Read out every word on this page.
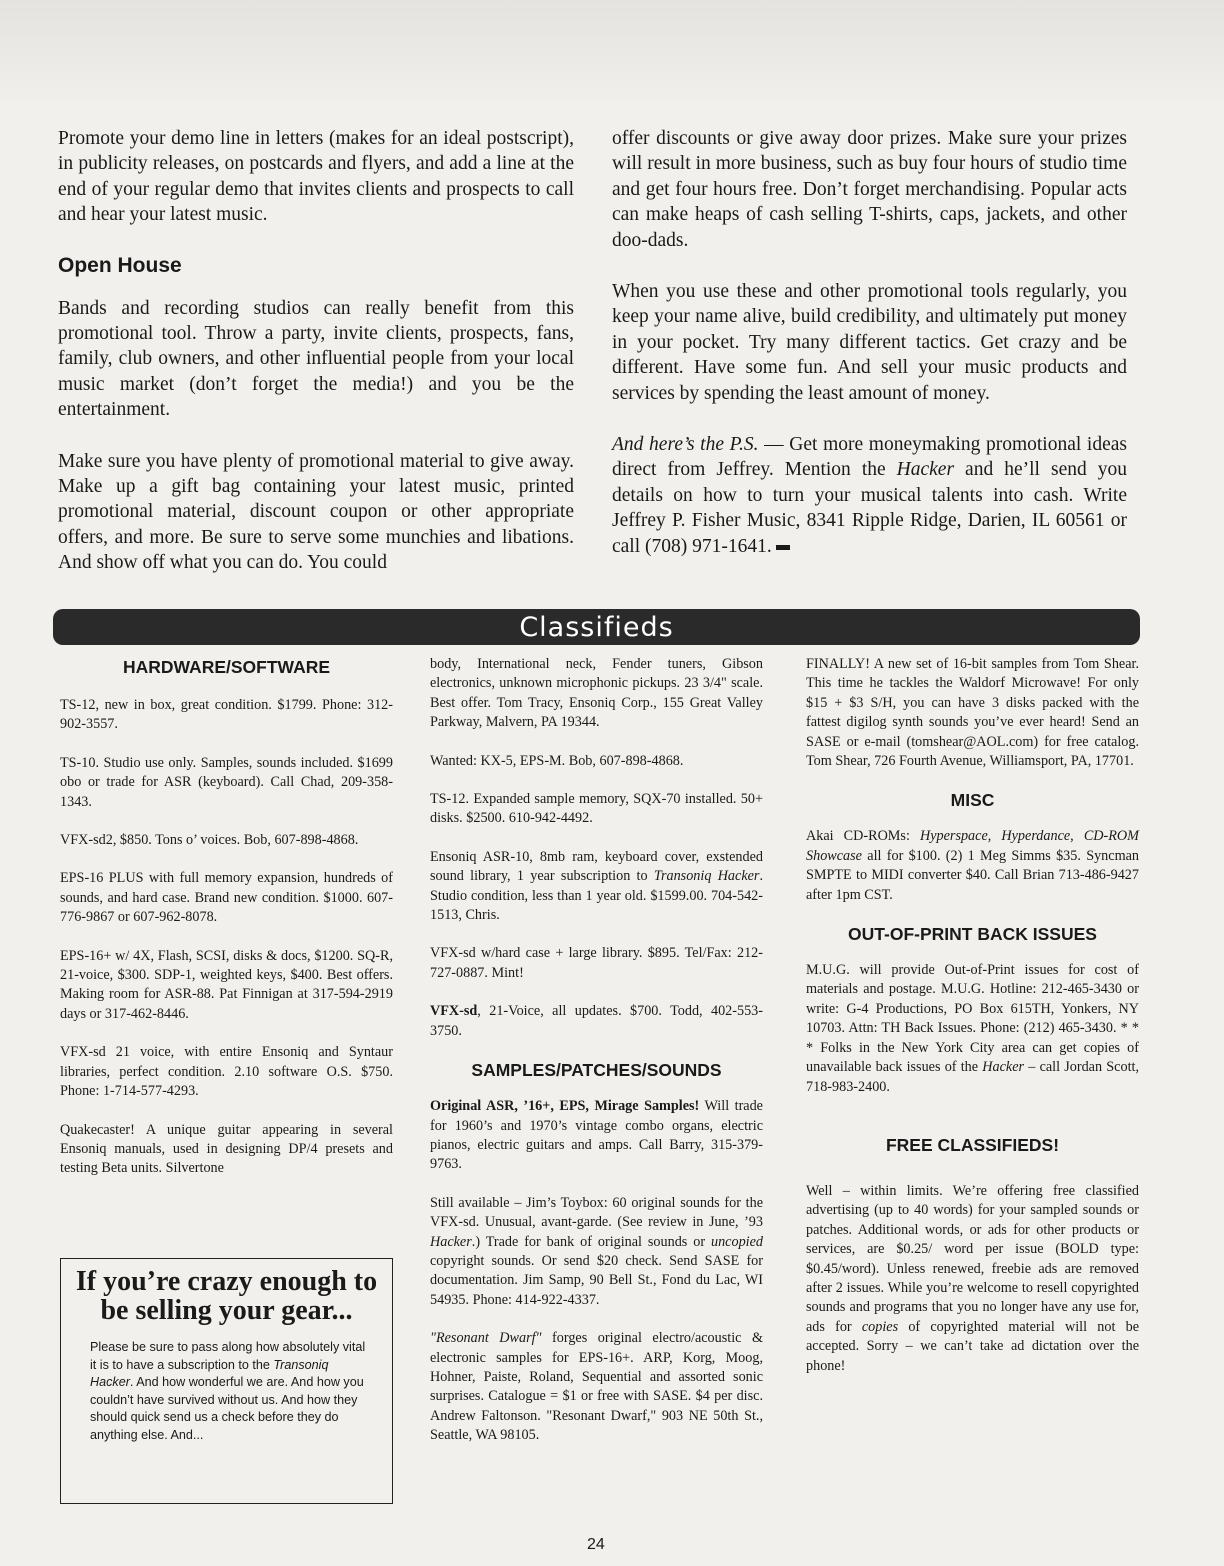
Promote your demo line in letters (makes for an ideal postscript), in publicity releases, on postcards and flyers, and add a line at the end of your regular demo that invites clients and prospects to call and hear your latest music.

Open House

Bands and recording studios can really benefit from this promotional tool. Throw a party, invite clients, prospects, fans, family, club owners, and other influential people from your local music market (don’t forget the media!) and you be the entertainment.

Make sure you have plenty of promotional material to give away. Make up a gift bag containing your latest music, printed promotional material, discount coupon or other appropriate offers, and more. Be sure to serve some munchies and libations. And show off what you can do. You could

offer discounts or give away door prizes. Make sure your prizes will result in more business, such as buy four hours of studio time and get four hours free. Don’t forget merchandising. Popular acts can make heaps of cash selling T-shirts, caps, jackets, and other doo-dads.

When you use these and other promotional tools regularly, you keep your name alive, build credibility, and ultimately put money in your pocket. Try many different tactics. Get crazy and be different. Have some fun. And sell your music products and services by spending the least amount of money.

And here’s the P.S. — Get more moneymaking promotional ideas direct from Jeffrey. Mention the Hacker and he’ll send you details on how to turn your musical talents into cash. Write Jeffrey P. Fisher Music, 8341 Ripple Ridge, Darien, IL 60561 or call (708) 971-1641.

Classifieds
HARDWARE/SOFTWARE

TS-12, new in box, great condition. $1799. Phone: 312-902-3557.

TS-10. Studio use only. Samples, sounds included. $1699 obo or trade for ASR (keyboard). Call Chad, 209-358-1343.

VFX-sd2, $850. Tons o’ voices. Bob, 607-898-4868.

EPS-16 PLUS with full memory expansion, hundreds of sounds, and hard case. Brand new condition. $1000. 607-776-9867 or 607-962-8078.

EPS-16+ w/ 4X, Flash, SCSI, disks & docs, $1200. SQ-R, 21-voice, $300. SDP-1, weighted keys, $400. Best offers. Making room for ASR-88. Pat Finnigan at 317-594-2919 days or 317-462-8446.

VFX-sd 21 voice, with entire Ensoniq and Syntaur libraries, perfect condition. 2.10 software O.S. $750. Phone: 1-714-577-4293.

Quakecaster! A unique guitar appearing in several Ensoniq manuals, used in designing DP/4 presets and testing Beta units. Silvertone

If you’re crazy enough to be selling your gear...

Please be sure to pass along how absolutely vital it is to have a subscription to the Transoniq Hacker. And how wonderful we are. And how you couldn’t have survived without us. And how they should quick send us a check before they do anything else. And...

body, International neck, Fender tuners, Gibson electronics, unknown microphonic pickups. 23 3/4" scale. Best offer. Tom Tracy, Ensoniq Corp., 155 Great Valley Parkway, Malvern, PA 19344.

Wanted: KX-5, EPS-M. Bob, 607-898-4868.

TS-12. Expanded sample memory, SQX-70 installed. 50+ disks. $2500. 610-942-4492.

Ensoniq ASR-10, 8mb ram, keyboard cover, exstended sound library, 1 year subscription to Transoniq Hacker. Studio condition, less than 1 year old. $1599.00. 704-542-1513, Chris.

VFX-sd w/hard case + large library. $895. Tel/Fax: 212-727-0887. Mint!

VFX-sd, 21-Voice, all updates. $700. Todd, 402-553-3750.

SAMPLES/PATCHES/SOUNDS

Original ASR, ’16+, EPS, Mirage Samples! Will trade for 1960’s and 1970’s vintage combo organs, electric pianos, electric guitars and amps. Call Barry, 315-379-9763.

Still available – Jim’s Toybox: 60 original sounds for the VFX-sd. Unusual, avant-garde. (See review in June, ’93 Hacker.) Trade for bank of original sounds or uncopied copyright sounds. Or send $20 check. Send SASE for documentation. Jim Samp, 90 Bell St., Fond du Lac, WI 54935. Phone: 414-922-4337.

"Resonant Dwarf" forges original electro/acoustic & electronic samples for EPS-16+. ARP, Korg, Moog, Hohner, Paiste, Roland, Sequential and assorted sonic surprises. Catalogue = $1 or free with SASE. $4 per disc. Andrew Faltonson. "Resonant Dwarf," 903 NE 50th St., Seattle, WA 98105.

FINALLY! A new set of 16-bit samples from Tom Shear. This time he tackles the Waldorf Microwave! For only $15 + $3 S/H, you can have 3 disks packed with the fattest digilog synth sounds you’ve ever heard! Send an SASE or e-mail (tomshear@AOL.com) for free catalog. Tom Shear, 726 Fourth Avenue, Williamsport, PA, 17701.

MISC

Akai CD-ROMs: Hyperspace, Hyperdance, CD-ROM Showcase all for $100. (2) 1 Meg Simms $35. Syncman SMPTE to MIDI converter $40. Call Brian 713-486-9427 after 1pm CST.

OUT-OF-PRINT BACK ISSUES

M.U.G. will provide Out-of-Print issues for cost of materials and postage. M.U.G. Hotline: 212-465-3430 or write: G-4 Productions, PO Box 615TH, Yonkers, NY 10703. Attn: TH Back Issues. Phone: (212) 465-3430. * * * Folks in the New York City area can get copies of unavailable back issues of the Hacker – call Jordan Scott, 718-983-2400.

FREE CLASSIFIEDS!

Well – within limits. We’re offering free classified advertising (up to 40 words) for your sampled sounds or patches. Additional words, or ads for other products or services, are $0.25/ word per issue (BOLD type: $0.45/word). Unless renewed, freebie ads are removed after 2 issues. While you’re welcome to resell copyrighted sounds and programs that you no longer have any use for, ads for copies of copyrighted material will not be accepted. Sorry – we can’t take ad dictation over the phone!

24
